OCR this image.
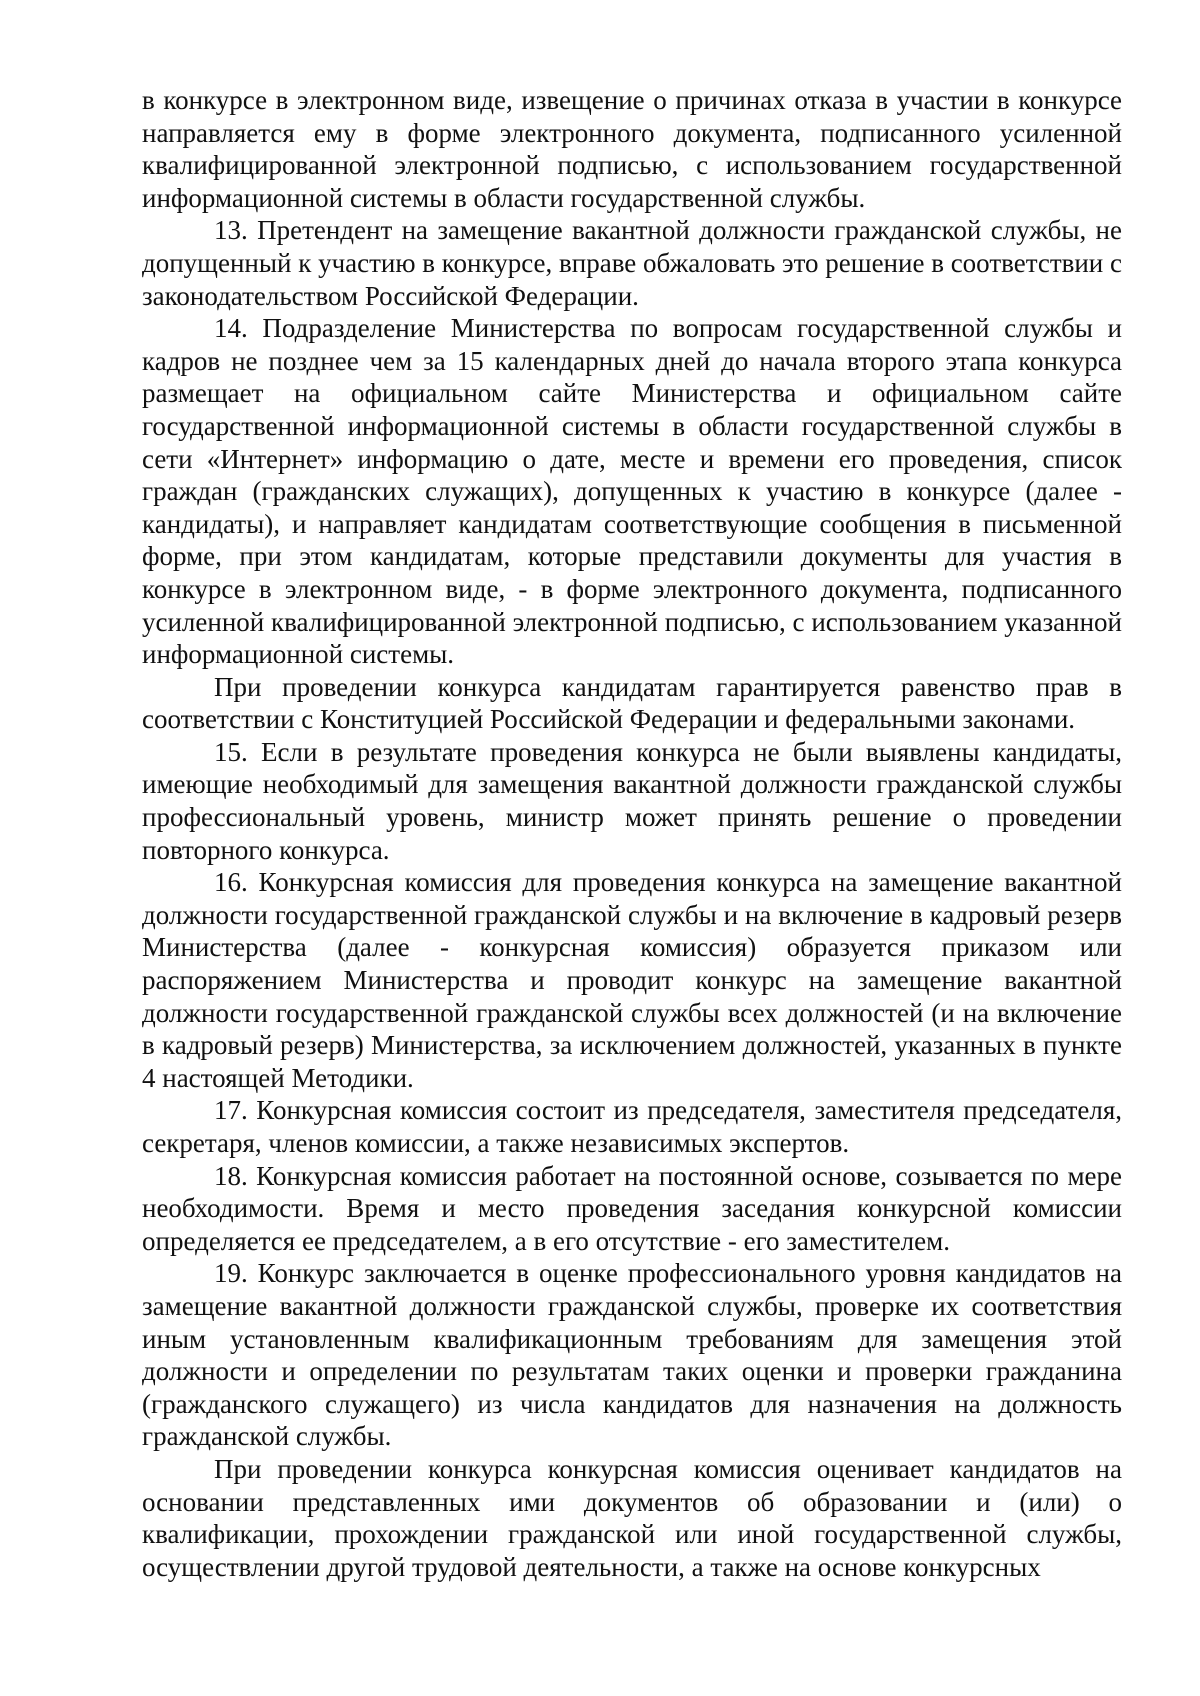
в конкурсе в электронном виде, извещение о причинах отказа в участии в конкурсе направляется ему в форме электронного документа, подписанного усиленной квалифицированной электронной подписью, с использованием государственной информационной системы в области государственной службы.

13. Претендент на замещение вакантной должности гражданской службы, не допущенный к участию в конкурсе, вправе обжаловать это решение в соответствии с законодательством Российской Федерации.

14. Подразделение Министерства по вопросам государственной службы и кадров не позднее чем за 15 календарных дней до начала второго этапа конкурса размещает на официальном сайте Министерства и официальном сайте государственной информационной системы в области государственной службы в сети «Интернет» информацию о дате, месте и времени его проведения, список граждан (гражданских служащих), допущенных к участию в конкурсе (далее - кандидаты), и направляет кандидатам соответствующие сообщения в письменной форме, при этом кандидатам, которые представили документы для участия в конкурсе в электронном виде, - в форме электронного документа, подписанного усиленной квалифицированной электронной подписью, с использованием указанной информационной системы.

При проведении конкурса кандидатам гарантируется равенство прав в соответствии с Конституцией Российской Федерации и федеральными законами.

15. Если в результате проведения конкурса не были выявлены кандидаты, имеющие необходимый для замещения вакантной должности гражданской службы профессиональный уровень, министр может принять решение о проведении повторного конкурса.

16. Конкурсная комиссия для проведения конкурса на замещение вакантной должности государственной гражданской службы и на включение в кадровый резерв Министерства (далее - конкурсная комиссия) образуется приказом или распоряжением Министерства и проводит конкурс на замещение вакантной должности государственной гражданской службы всех должностей (и на включение в кадровый резерв) Министерства, за исключением должностей, указанных в пункте 4 настоящей Методики.

17. Конкурсная комиссия состоит из председателя, заместителя председателя, секретаря, членов комиссии, а также независимых экспертов.

18. Конкурсная комиссия работает на постоянной основе, созывается по мере необходимости. Время и место проведения заседания конкурсной комиссии определяется ее председателем, а в его отсутствие - его заместителем.

19. Конкурс заключается в оценке профессионального уровня кандидатов на замещение вакантной должности гражданской службы, проверке их соответствия иным установленным квалификационным требованиям для замещения этой должности и определении по результатам таких оценки и проверки гражданина (гражданского служащего) из числа кандидатов для назначения на должность гражданской службы.

При проведении конкурса конкурсная комиссия оценивает кандидатов на основании представленных ими документов об образовании и (или) о квалификации, прохождении гражданской или иной государственной службы, осуществлении другой трудовой деятельности, а также на основе конкурсных
